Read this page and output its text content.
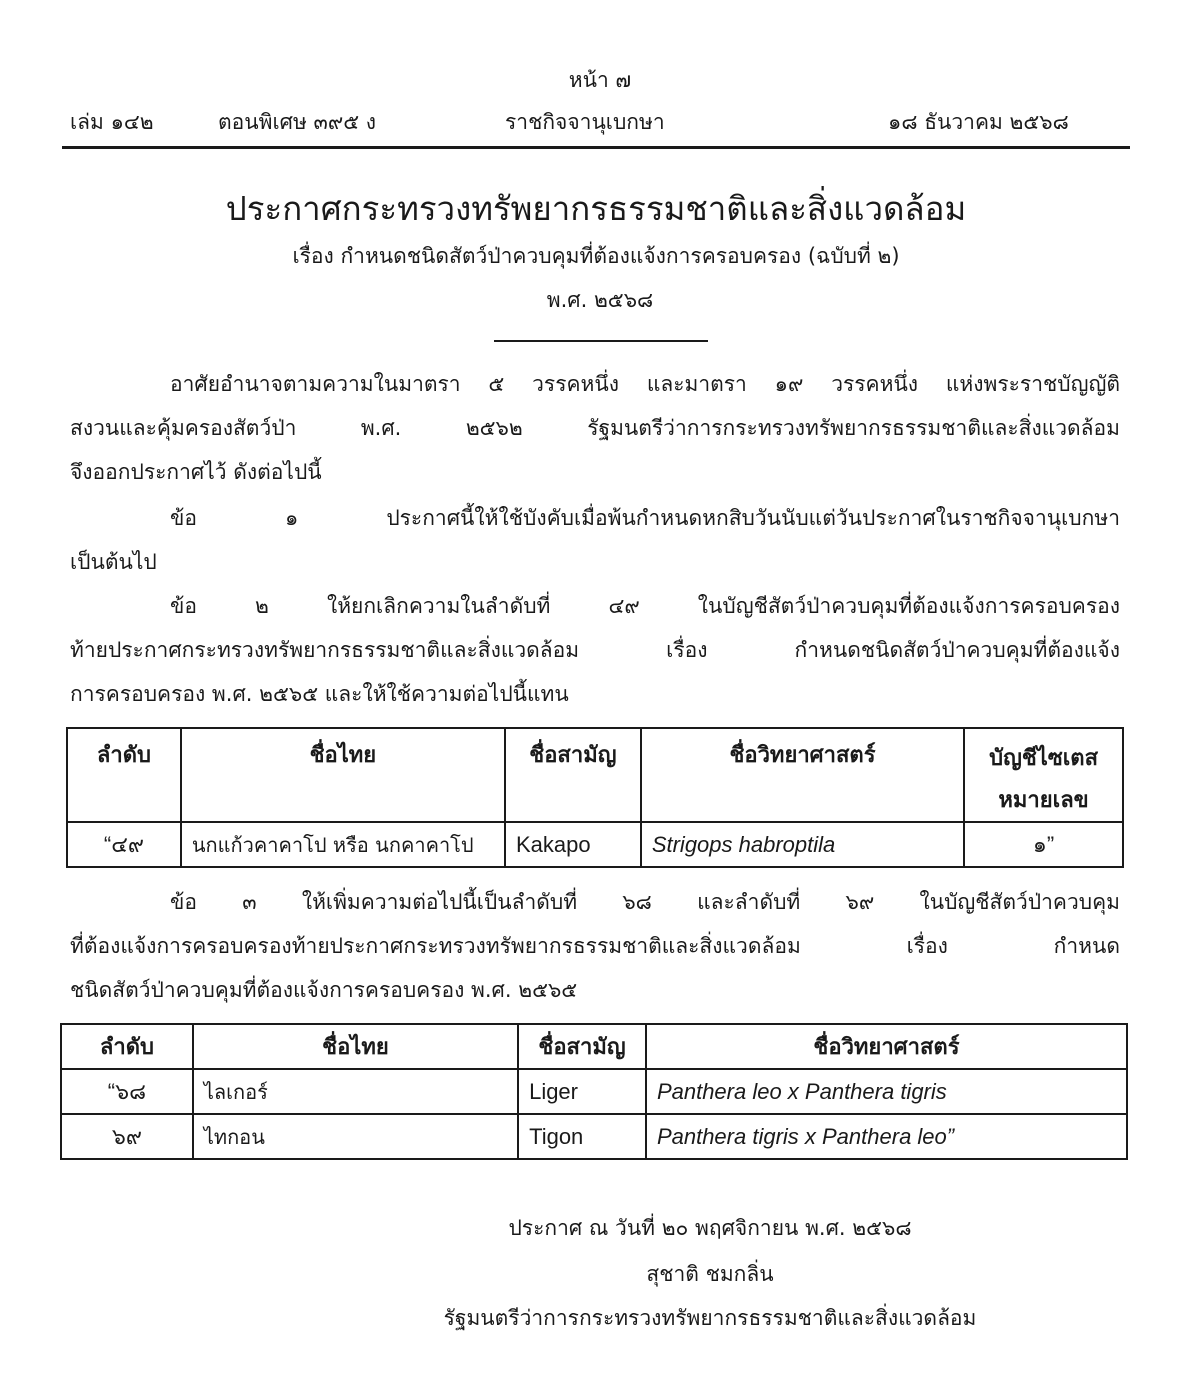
หน้า ๗
เล่ม ๑๔๒	ตอนพิเศษ ๓๙๕ ง	ราชกิจจานุเบกษา	๑๘ ธันวาคม ๒๕๖๘
ประกาศกระทรวงทรัพยากรธรรมชาติและสิ่งแวดล้อม
เรื่อง กำหนดชนิดสัตว์ป่าควบคุมที่ต้องแจ้งการครอบครอง (ฉบับที่ ๒)
พ.ศ. ๒๕๖๘
อาศัยอำนาจตามความในมาตรา ๕ วรรคหนึ่ง และมาตรา ๑๙ วรรคหนึ่ง แห่งพระราชบัญญัติ
สงวนและคุ้มครองสัตว์ป่า พ.ศ. ๒๕๖๒ รัฐมนตรีว่าการกระทรวงทรัพยากรธรรมชาติและสิ่งแวดล้อม
จึงออกประกาศไว้ ดังต่อไปนี้
ข้อ ๑ ประกาศนี้ให้ใช้บังคับเมื่อพ้นกำหนดหกสิบวันนับแต่วันประกาศในราชกิจจานุเบกษา
เป็นต้นไป
ข้อ ๒ ให้ยกเลิกความในลำดับที่ ๔๙ ในบัญชีสัตว์ป่าควบคุมที่ต้องแจ้งการครอบครอง
ท้ายประกาศกระทรวงทรัพยากรธรรมชาติและสิ่งแวดล้อม เรื่อง กำหนดชนิดสัตว์ป่าควบคุมที่ต้องแจ้ง
การครอบครอง พ.ศ. ๒๕๖๕ และให้ใช้ความต่อไปนี้แทน
ลำดับ	ชื่อไทย	ชื่อสามัญ	ชื่อวิทยาศาสตร์	บัญชีไซเตส
หมายเลข

“๔๙	นกแก้วคาคาโป หรือ นกคาคาโป	Kakapo	Strigops habroptila	๑”
ข้อ ๓ ให้เพิ่มความต่อไปนี้เป็นลำดับที่ ๖๘ และลำดับที่ ๖๙ ในบัญชีสัตว์ป่าควบคุม
ที่ต้องแจ้งการครอบครองท้ายประกาศกระทรวงทรัพยากรธรรมชาติและสิ่งแวดล้อม เรื่อง กำหนด
ชนิดสัตว์ป่าควบคุมที่ต้องแจ้งการครอบครอง พ.ศ. ๒๕๖๕
ลำดับ	ชื่อไทย	ชื่อสามัญ	ชื่อวิทยาศาสตร์
“๖๘	ไลเกอร์	Liger	Panthera leo x Panthera tigris
๖๙	ไทกอน	Tigon	Panthera tigris x Panthera leo”
ประกาศ ณ วันที่ ๒๐ พฤศจิกายน พ.ศ. ๒๕๖๘
สุชาติ ชมกลิ่น
รัฐมนตรีว่าการกระทรวงทรัพยากรธรรมชาติและสิ่งแวดล้อม
